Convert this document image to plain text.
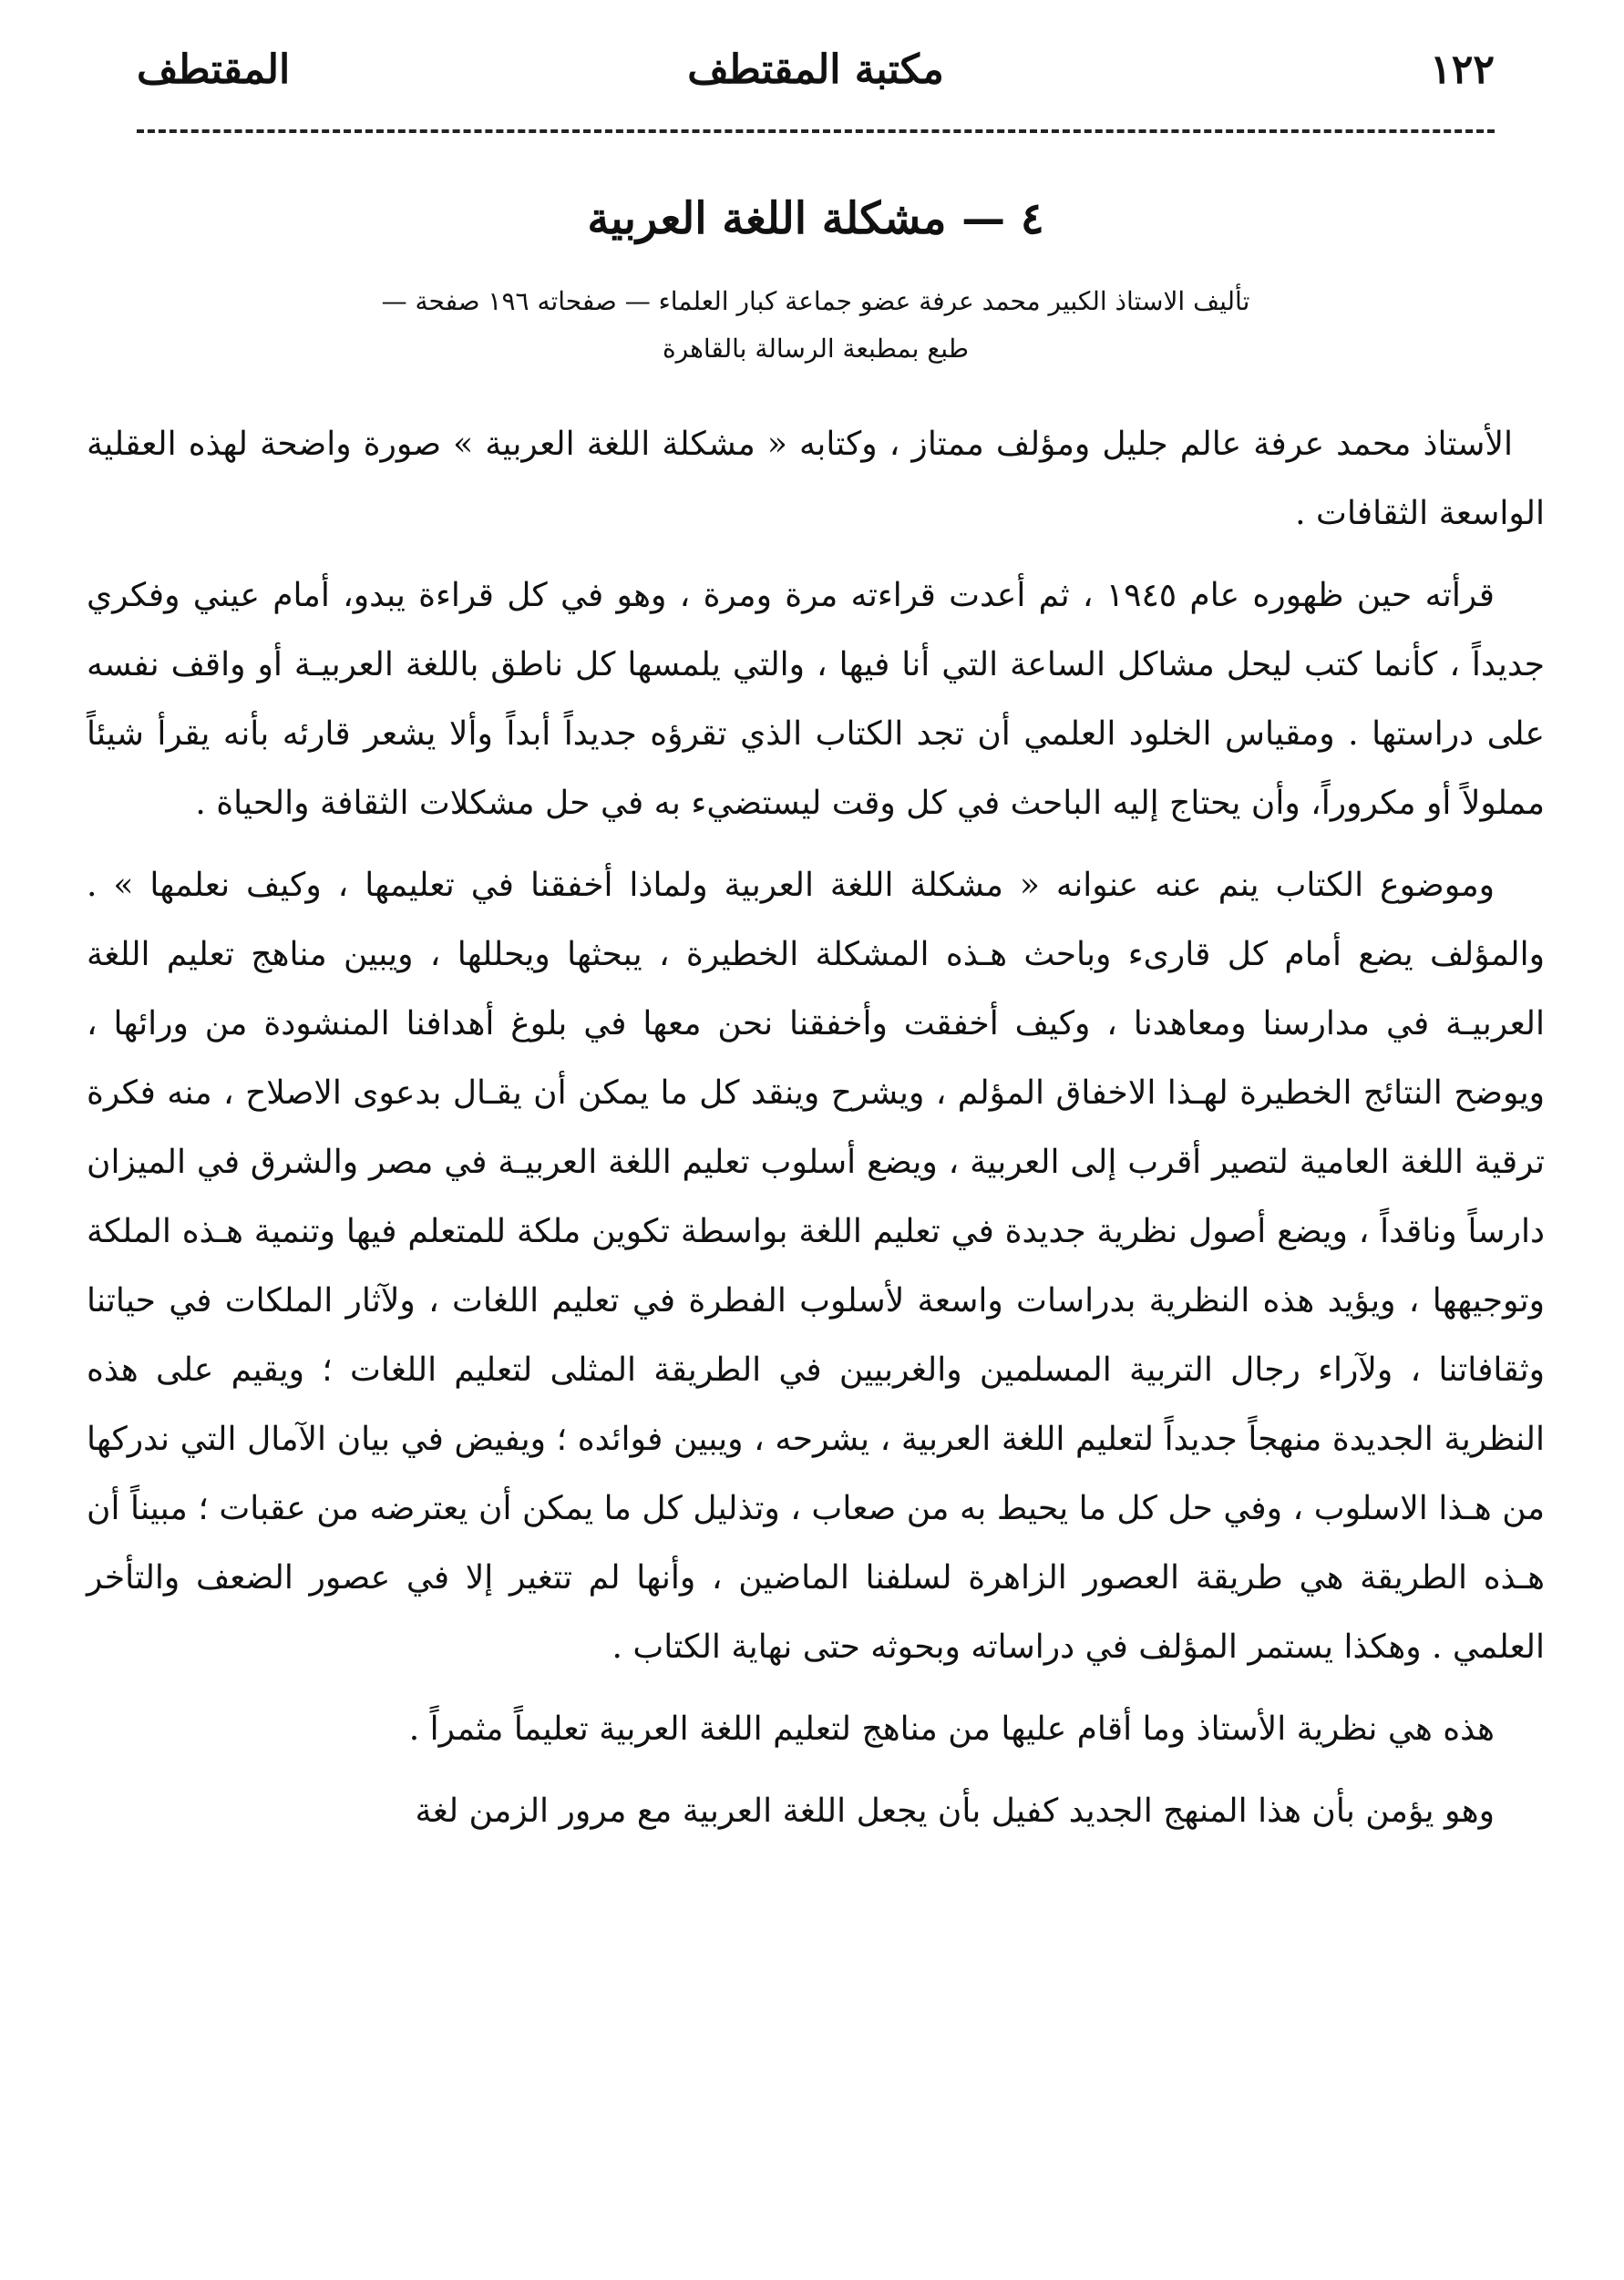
١٢٢
مكتبة المقتطف
المقتطف
٤ — مشكلة اللغة العربية
تأليف الاستاذ الكبير محمد عرفة عضو جماعة كبار العلماء — صفحاته ١٩٦ صفحة —
طبع بمطبعة الرسالة بالقاهرة

الأستاذ محمد عرفة عالم جليل ومؤلف ممتاز ، وكتابه « مشكلة اللغة العربية » صورة واضحة لهذه العقلية الواسعة الثقافات .

قرأته حين ظهوره عام ١٩٤٥ ، ثم أعدت قراءته مرة ومرة ، وهو في كل قراءة يبدو، أمام عيني وفكري جديداً ، كأنما كتب ليحل مشاكل الساعة التي أنا فيها ، والتي يلمسها كل ناطق باللغة العربيـة أو واقف نفسه على دراستها . ومقياس الخلود العلمي أن تجد الكتاب الذي تقرؤه جديداً أبداً وألا يشعر قارئه بأنه يقرأ شيئاً مملولاً أو مكروراً، وأن يحتاج إليه الباحث في كل وقت ليستضيء به في حل مشكلات الثقافة والحياة .

وموضوع الكتاب ينم عنه عنوانه « مشكلة اللغة العربية ولماذا أخفقنا في تعليمها ، وكيف نعلمها » . والمؤلف يضع أمام كل قارىء وباحث هـذه المشكلة الخطيرة ، يبحثها ويحللها ، ويبين مناهج تعليم اللغة العربيـة في مدارسنا ومعاهدنا ، وكيف أخفقت وأخفقنا نحن معها في بلوغ أهدافنا المنشودة من ورائها ، ويوضح النتائج الخطيرة لهـذا الاخفاق المؤلم ، ويشرح وينقد كل ما يمكن أن يقـال بدعوى الاصلاح ، منه فكرة ترقية اللغة العامية لتصير أقرب إلى العربية ، ويضع أسلوب تعليم اللغة العربيـة في مصر والشرق في الميزان دارساً وناقداً ، ويضع أصول نظرية جديدة في تعليم اللغة بواسطة تكوين ملكة للمتعلم فيها وتنمية هـذه الملكة وتوجيهها ، ويؤيد هذه النظرية بدراسات واسعة لأسلوب الفطرة في تعليم اللغات ، ولآثار الملكات في حياتنا وثقافاتنا ، ولآراء رجال التربية المسلمين والغربيين في الطريقة المثلى لتعليم اللغات ؛ ويقيم على هذه النظرية الجديدة منهجاً جديداً لتعليم اللغة العربية ، يشرحه ، ويبين فوائده ؛ ويفيض في بيان الآمال التي ندركها من هـذا الاسلوب ، وفي حل كل ما يحيط به من صعاب ، وتذليل كل ما يمكن أن يعترضه من عقبات ؛ مبيناً أن هـذه الطريقة هي طريقة العصور الزاهرة لسلفنا الماضين ، وأنها لم تتغير إلا في عصور الضعف والتأخر العلمي . وهكذا يستمر المؤلف في دراساته وبحوثه حتى نهاية الكتاب .

هذه هي نظرية الأستاذ وما أقام عليها من مناهج لتعليم اللغة العربية تعليماً مثمراً .

وهو يؤمن بأن هذا المنهج الجديد كفيل بأن يجعل اللغة العربية مع مرور الزمن لغة
